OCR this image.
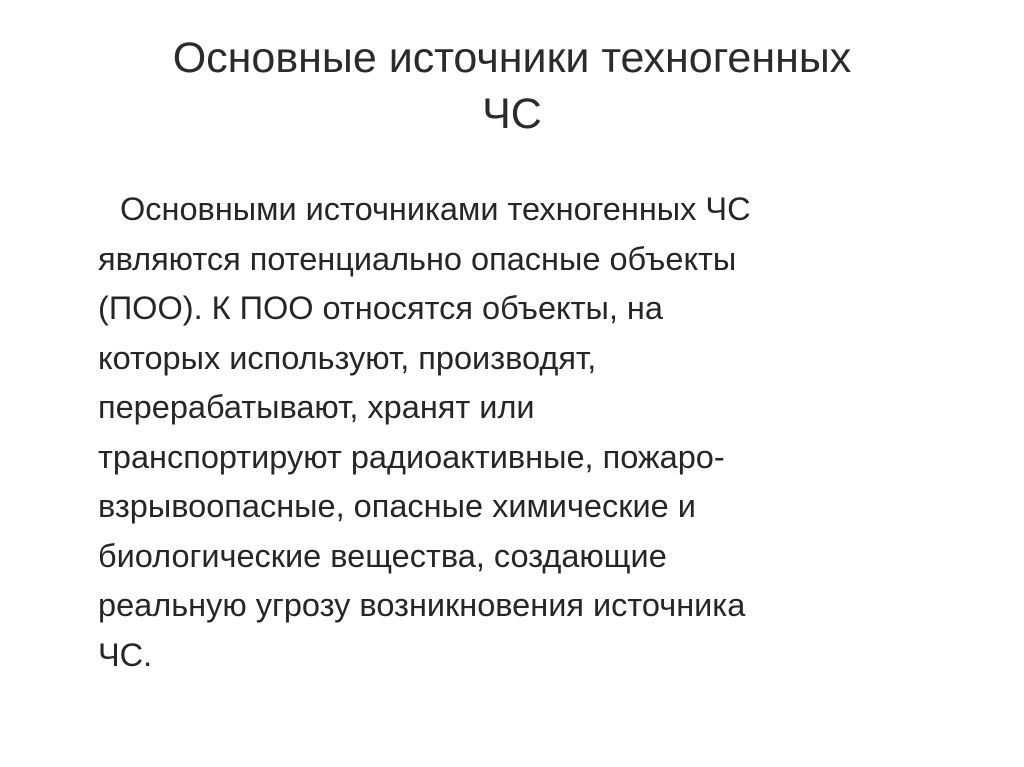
Основные источники техногенных
ЧС
Основными источниками техногенных ЧС
являются потенциально опасные объекты
(ПОО). К ПОО относятся объекты, на
которых используют, производят,
перерабатывают, хранят или
транспортируют радиоактивные, пожаро-
взрывоопасные, опасные химические и
биологические вещества, создающие
реальную угрозу возникновения источника
ЧС.
